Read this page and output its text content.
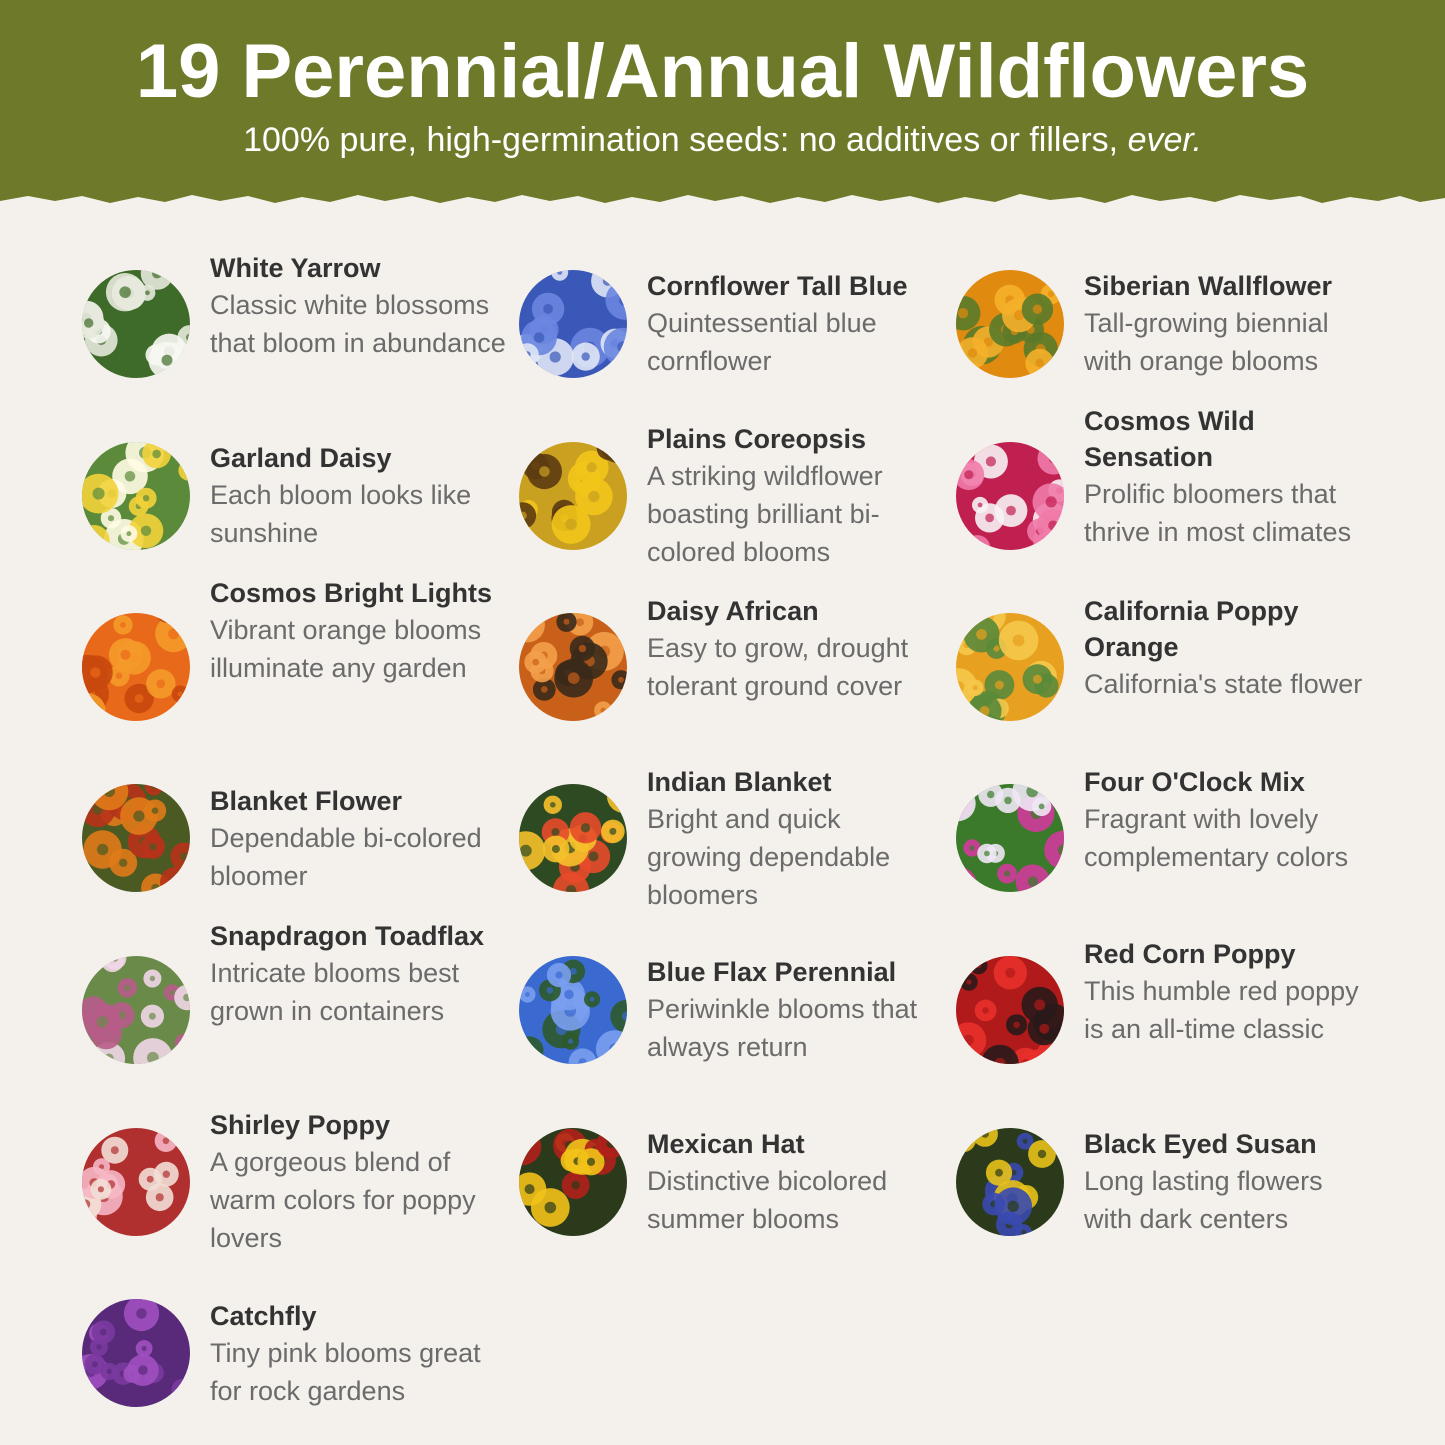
19 Perennial/Annual Wildflowers
100% pure, high-germination seeds: no additives or fillers, ever.
White Yarrow
Classic white blossoms that bloom in abundance
Garland Daisy
Each bloom looks like sunshine
Cosmos Bright Lights
Vibrant orange blooms illuminate any garden
Blanket Flower
Dependable bi-colored bloomer
Snapdragon Toadflax
Intricate blooms best grown in containers
Shirley Poppy
A gorgeous blend of warm colors for poppy lovers
Catchfly
Tiny pink blooms great for rock gardens
Cornflower Tall Blue
Quintessential blue cornflower
Plains Coreopsis
A striking wildflower boasting brilliant bi-colored blooms
Daisy African
Easy to grow, drought tolerant ground cover
Indian Blanket
Bright and quick growing dependable bloomers
Blue Flax Perennial
Periwinkle blooms that always return
Mexican Hat
Distinctive bicolored summer blooms
Siberian Wallflower
Tall-growing biennial with orange blooms
Cosmos Wild Sensation
Prolific bloomers that thrive in most climates
California Poppy Orange
California's state flower
Four O'Clock Mix
Fragrant with lovely complementary colors
Red Corn Poppy
This humble red poppy is an all-time classic
Black Eyed Susan
Long lasting flowers with dark centers
